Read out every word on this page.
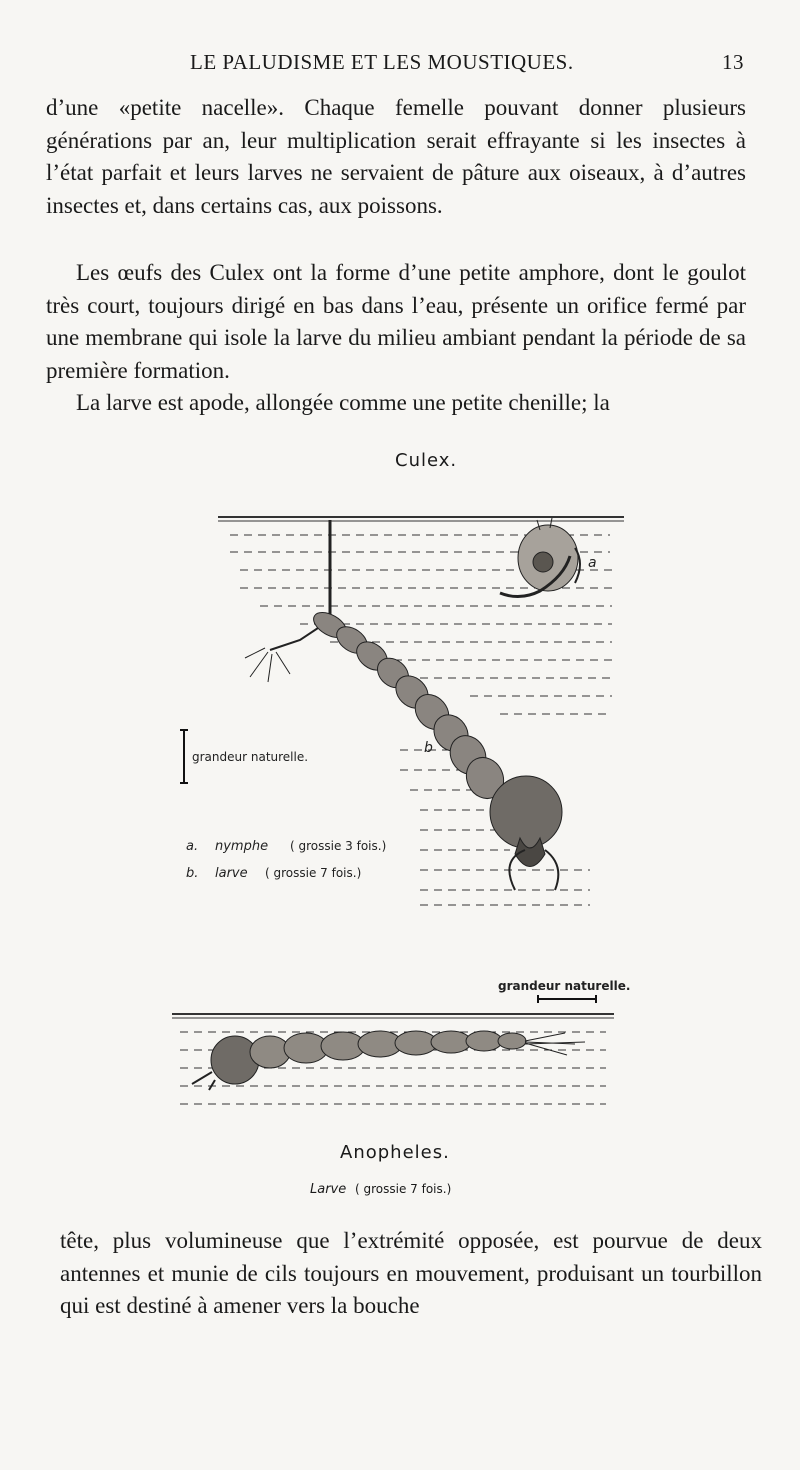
LE PALUDISME ET LES MOUSTIQUES.	13

d’une «petite nacelle». Chaque femelle pouvant donner plusieurs générations par an, leur multiplication serait effrayante si les insectes à l’état parfait et leurs larves ne servaient de pâture aux oiseaux, à d’autres insectes et, dans certains cas, aux poissons.

Les œufs des Culex ont la forme d’une petite amphore, dont le goulot très court, toujours dirigé en bas dans l’eau, présente un orifice fermé par une membrane qui isole la larve du milieu ambiant pendant la période de sa première formation.

La larve est apode, allongée comme une petite chenille; la

Culex.
a
b
grandeur naturelle.
a. nymphe ( grossie 3 fois.)
b. larve ( grossie 7 fois.)
grandeur naturelle.
Anopheles.
Larve ( grossie 7 fois.)

tête, plus volumineuse que l’extrémité opposée, est pourvue de deux antennes et munie de cils toujours en mouvement, produisant un tourbillon qui est destiné à amener vers la bouche
